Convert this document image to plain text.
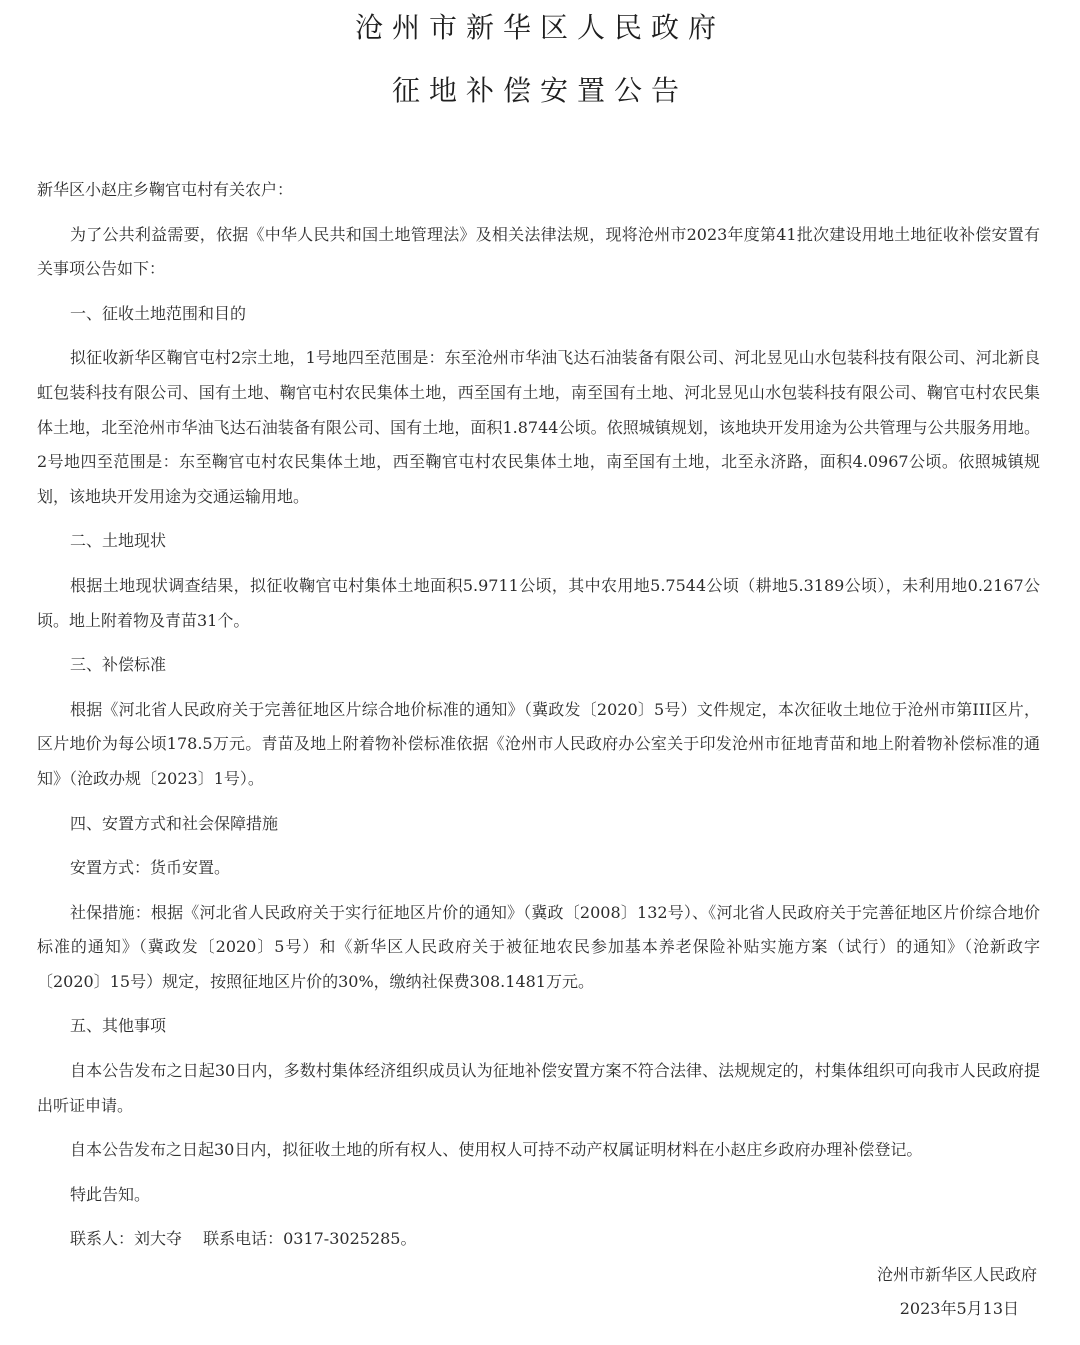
沧州市新华区人民政府
征地补偿安置公告

新华区小赵庄乡鞠官屯村有关农户：

为了公共利益需要，依据《中华人民共和国土地管理法》及相关法律法规，现将沧州市2023年度第41批次建设用地土地征收补偿安置有关事项公告如下：

一、征收土地范围和目的

拟征收新华区鞠官屯村2宗土地，1号地四至范围是：东至沧州市华油飞达石油装备有限公司、河北昱见山水包装科技有限公司、河北新良虹包装科技有限公司、国有土地、鞠官屯村农民集体土地，西至国有土地，南至国有土地、河北昱见山水包装科技有限公司、鞠官屯村农民集体土地，北至沧州市华油飞达石油装备有限公司、国有土地，面积1.8744公顷。依照城镇规划，该地块开发用途为公共管理与公共服务用地。2号地四至范围是：东至鞠官屯村农民集体土地，西至鞠官屯村农民集体土地，南至国有土地，北至永济路，面积4.0967公顷。依照城镇规划，该地块开发用途为交通运输用地。

二、土地现状

根据土地现状调查结果，拟征收鞠官屯村集体土地面积5.9711公顷，其中农用地5.7544公顷（耕地5.3189公顷），未利用地0.2167公顷。地上附着物及青苗31个。

三、补偿标准

根据《河北省人民政府关于完善征地区片综合地价标准的通知》（冀政发〔2020〕5号）文件规定，本次征收土地位于沧州市第III区片，区片地价为每公顷178.5万元。青苗及地上附着物补偿标准依据《沧州市人民政府办公室关于印发沧州市征地青苗和地上附着物补偿标准的通知》（沧政办规〔2023〕1号）。

四、安置方式和社会保障措施

安置方式：货币安置。

社保措施：根据《河北省人民政府关于实行征地区片价的通知》（冀政〔2008〕132号）、《河北省人民政府关于完善征地区片价综合地价标准的通知》（冀政发〔2020〕5号）和《新华区人民政府关于被征地农民参加基本养老保险补贴实施方案（试行）的通知》（沧新政字〔2020〕15号）规定，按照征地区片价的30%，缴纳社保费308.1481万元。

五、其他事项

自本公告发布之日起30日内，多数村集体经济组织成员认为征地补偿安置方案不符合法律、法规规定的，村集体组织可向我市人民政府提出听证申请。

自本公告发布之日起30日内，拟征收土地的所有权人、使用权人可持不动产权属证明材料在小赵庄乡政府办理补偿登记。

特此告知。

联系人：刘大夺　 联系电话：0317-3025285。

沧州市新华区人民政府
2023年5月13日
